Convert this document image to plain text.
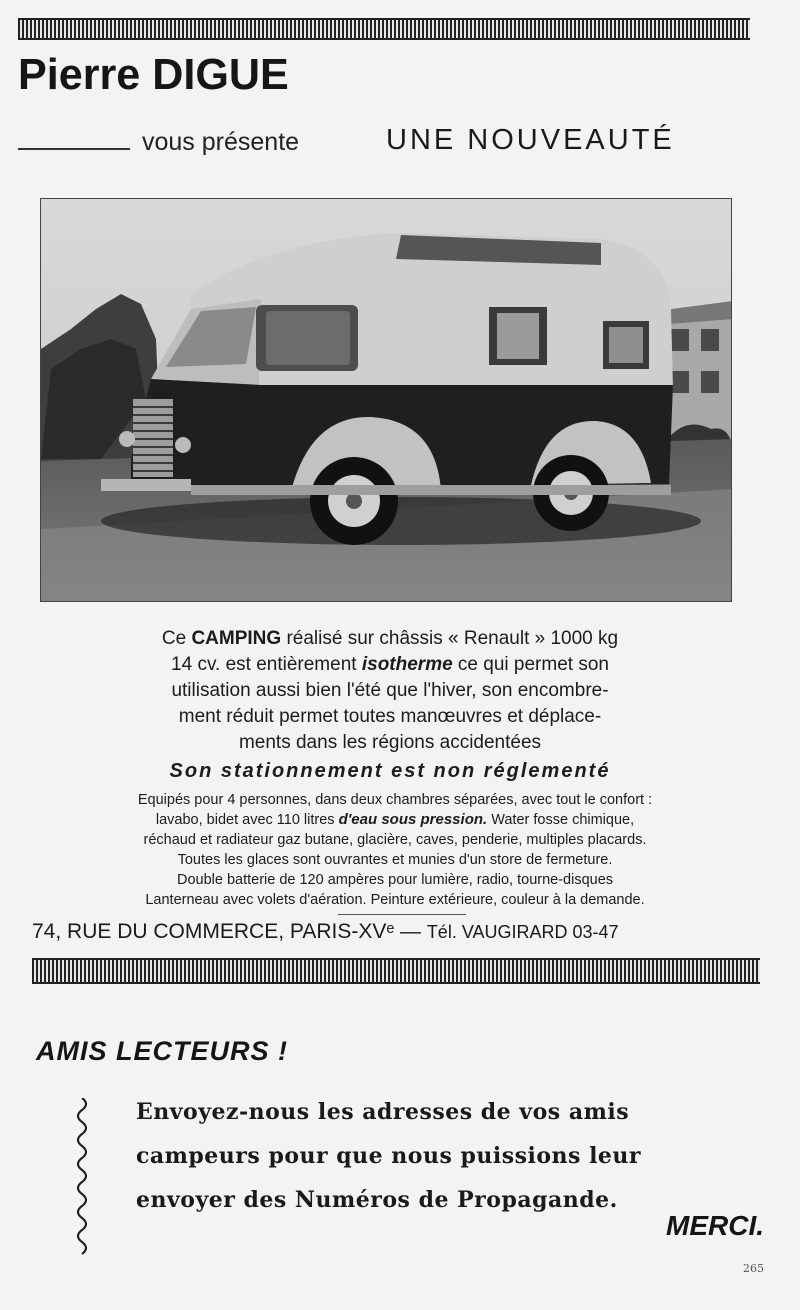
Pierre DIGUE
vous présente	UNE NOUVEAUTÉ

Ce CAMPING réalisé sur châssis « Renault » 1000 kg

14 cv. est entièrement isotherme ce qui permet son

utilisation aussi bien l'été que l'hiver, son encombre-

ment réduit permet toutes manœuvres et déplace-

ments dans les régions accidentées

Son stationnement est non réglementé

Equipés pour 4 personnes, dans deux chambres séparées, avec tout le confort :

lavabo, bidet avec 110 litres d'eau sous pression. Water fosse chimique,

réchaud et radiateur gaz butane, glacière, caves, penderie, multiples placards.

Toutes les glaces sont ouvrantes et munies d'un store de fermeture.

Double batterie de 120 ampères pour lumière, radio, tourne-disques

Lanterneau avec volets d'aération. Peinture extérieure, couleur à la demande.

74, RUE DU COMMERCE, PARIS-XVᵉ — Tél. VAUGIRARD 03-47
AMIS LECTEURS !

Envoyez-nous les adresses de vos amis

campeurs pour que nous puissions leur

envoyer des Numéros de Propagande.

MERCI.
265
